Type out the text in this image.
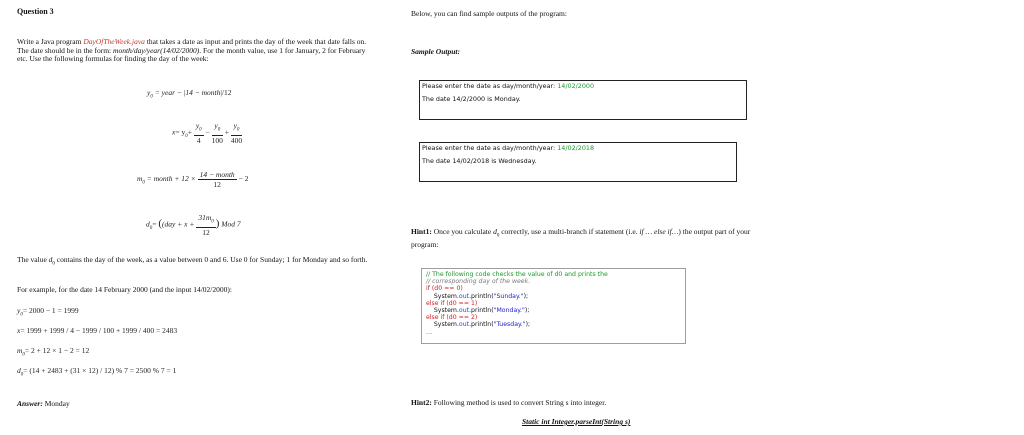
Question 3
Write a Java program DayOfTheWeek.java that takes a date as input and prints the day of the week that date falls on. The date should be in the form: month/day/year(14/02/2000). For the month value, use 1 for January, 2 for February etc. Use the following formulas for finding the day of the week:
$y_0$ = year − |14 − month|/12
$x= y_0+ \frac{y_0}{4} - \frac{y_0}{100} + \frac{y_0}{400}$
$m_0$ = month + $12 \times \frac{\text{14 − month}}{12} - 2$
$d_0= ((day + x + \frac{31m_0}{12}$ ) Mod 7
The value $d_0$ contains the day of the week, as a value between 0 and 6. Use 0 for Sunday; 1 for Monday and so forth.
For example, for the date 14 February 2000 (and the input 14/02/2000):
$y_0= 2000 - 1 = 1999$
x= 1999 + 1999 / 4 − 1999 / 100 + 1999 / 400 = 2483
$m_0= 2 + 12 \times 1 - 2 = 12$
$d_0= (14 + 2483 + (31 \times 12) / 12)$ % 7 = 2500 % 7 = 1
Answer: Monday
Below, you can find sample outputs of the program:
Sample Output:
Please enter the date as day/month/year: 14/02/2000
The date 14/2/2000 is Monday.
Please enter the date as day/month/year: 14/02/2018
The date 14/02/2018 is Wednesday.
Hint1: Once you calculate $d_0$ correctly, use a multi-branch if statement (i.e. if … else if…) the output part of your program:
// The following code checks the value of d0 and prints the
// corresponding day of the week.
if (d0 == 0)
System.out.println("Sunday.");
else if (d0 == 1)
System.out.println("Monday.");
else if (d0 == 2)
System.out.println("Tuesday.");
…
Hint2: Following method is used to convert String s into integer.
Static int Integer.parseInt(String s)
